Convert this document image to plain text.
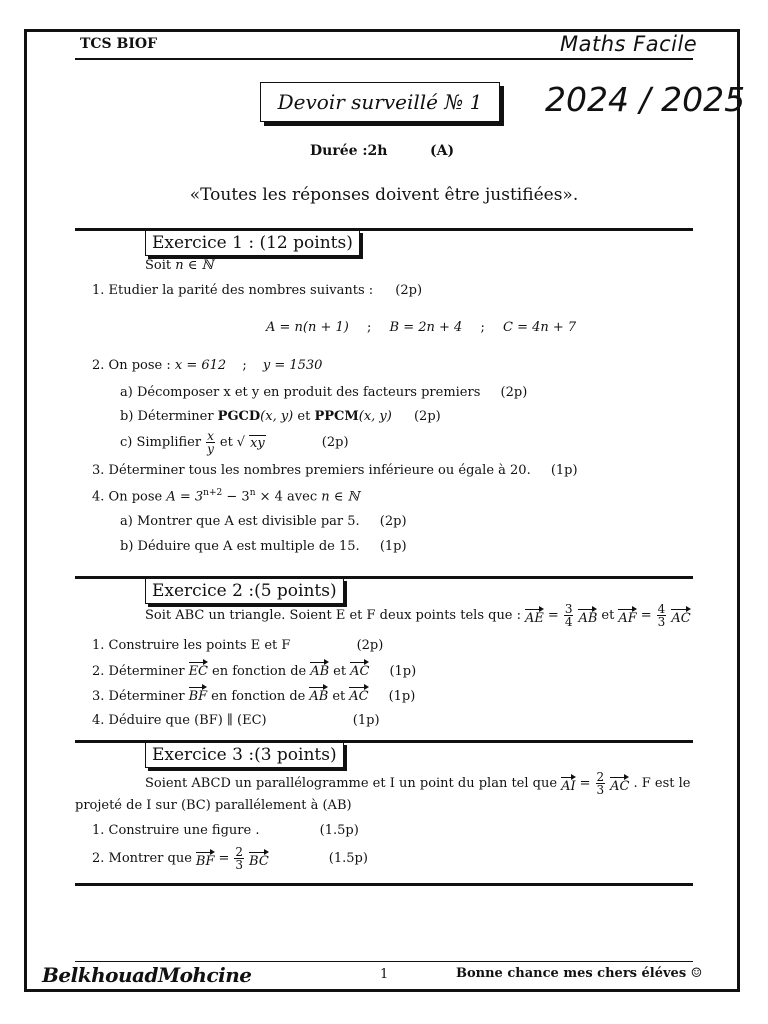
TCS BIOF	Maths Facile
Devoir surveillé № 1 2024 / 2025
Durée :2h	(A)
«Toutes les réponses doivent être justifiées».
Exercice 1 : (12 points)
Soit n ∈ ℕ
1. Etudier la parité des nombres suivants : (2p)
A = n(n + 1) ; B = 2n + 4 ; C = 4n + 7
2. On pose : x = 612 ; y = 1530
a) Décomposer x et y en produit des facteurs premiers (2p)
b) Déterminer PGCD(x, y) et PPCM(x, y) (2p)
c) Simplifier $\frac{x}{y}$ et √ xy	(2p)
3. Déterminer tous les nombres premiers inférieure ou égale à 20. (1p)
4. On pose $A = 3^{n+2} - 3^n \times 4$ avec n ∈ ℕ
a) Montrer que A est divisible par 5. (2p)
b) Déduire que A est multiple de 15. (1p)
Exercice 2 :(5 points)
Soit ABC un triangle. Soient E et F deux points tels que : AE = $\frac{3}{4}$ AB et AF = $\frac{4}{3}$ AC
1. Construire les points E et F	(2p)
2. Déterminer EC en fonction de AB et AC (1p)
3. Déterminer BF en fonction de AB et AC (1p)
4. Déduire que (BF) ∥ (EC)	(1p)
Exercice 3 :(3 points)
Soient ABCD un parallélogramme et I un point du plan tel que AI = $\frac{2}{3}$ AC . F est le
projeté de I sur (BC) parallélement à (AB)
1. Construire une figure .	(1.5p)
2. Montrer que BF = $\frac{2}{3}$ BC	(1.5p)
BelkhouadMohcine	1	Bonne chance mes chers éléves ☺
